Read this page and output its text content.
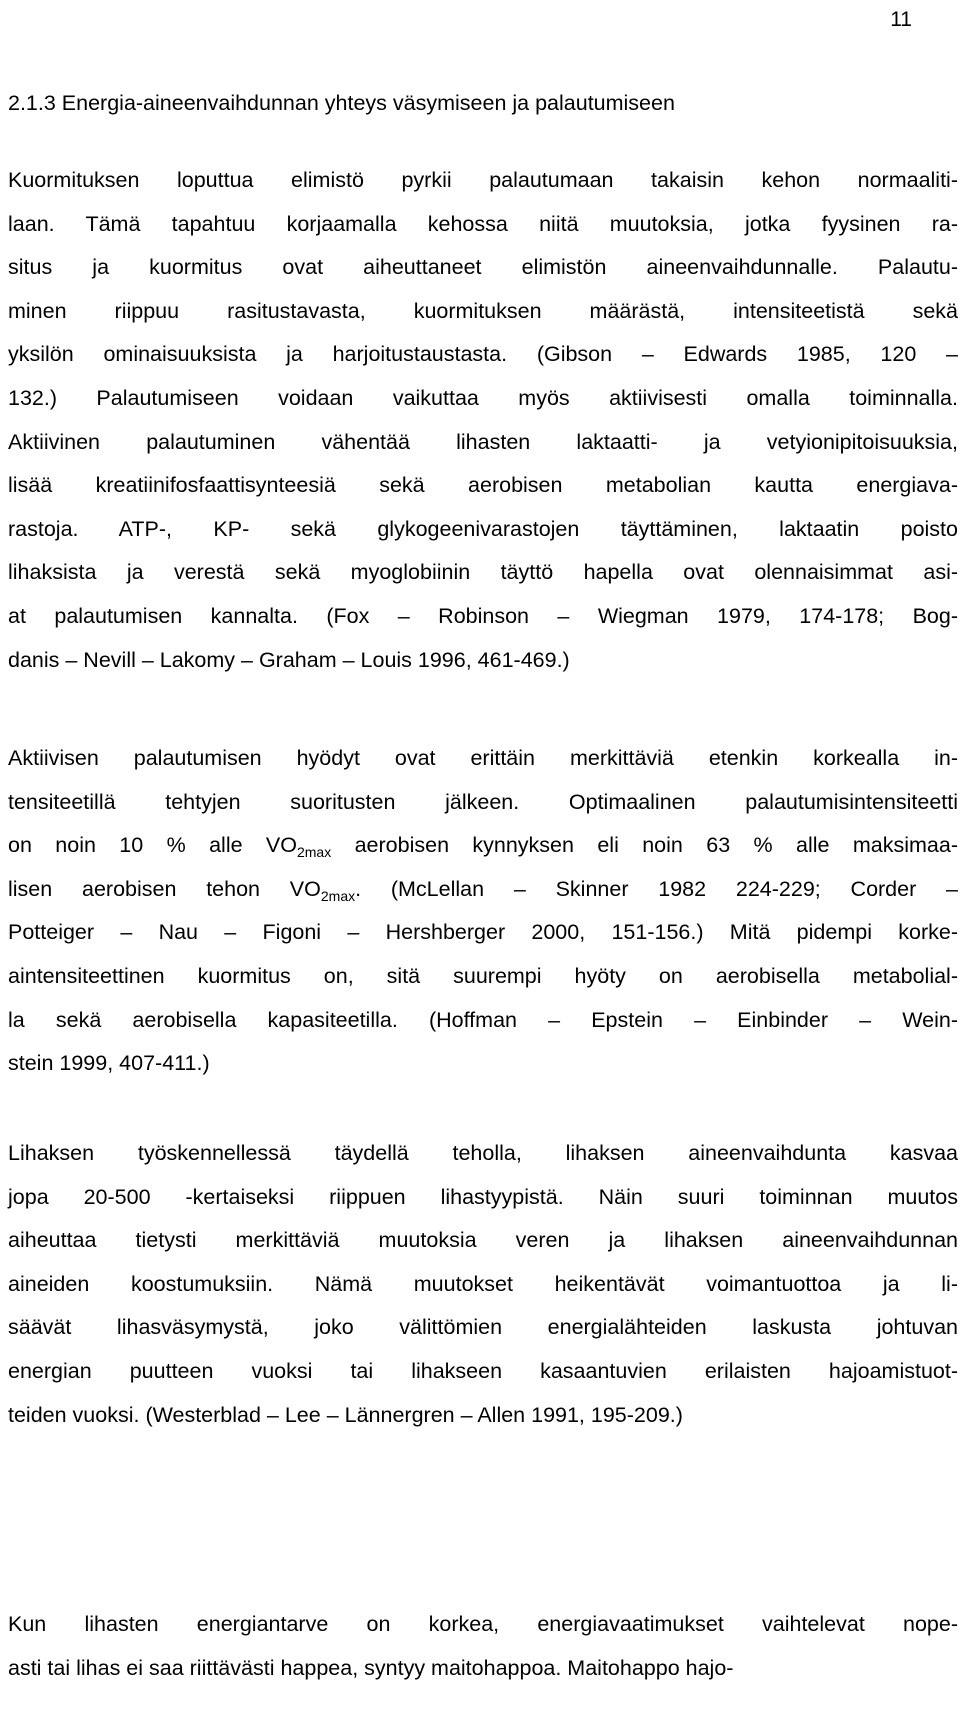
11
2.1.3 Energia-aineenvaihdunnan yhteys väsymiseen ja palautumiseen
Kuormituksen loputtua elimistö pyrkii palautumaan takaisin kehon normaaliti-
laan. Tämä tapahtuu korjaamalla kehossa niitä muutoksia, jotka fyysinen ra-
situs ja kuormitus ovat aiheuttaneet elimistön aineenvaihdunnalle. Palautu-
minen riippuu rasitustavasta, kuormituksen määrästä, intensiteetistä sekä
yksilön ominaisuuksista ja harjoitustaustasta. (Gibson – Edwards 1985, 120 –
132.) Palautumiseen voidaan vaikuttaa myös aktiivisesti omalla toiminnalla.
Aktiivinen palautuminen vähentää lihasten laktaatti- ja vetyionipitoisuuksia,
lisää kreatiinifosfaattisynteesiä sekä aerobisen metabolian kautta energiava-
rastoja. ATP-, KP- sekä glykogeenivarastojen täyttäminen, laktaatin poisto
lihaksista ja verestä sekä myoglobiinin täyttö hapella ovat olennaisimmat asi-
at palautumisen kannalta. (Fox – Robinson – Wiegman 1979, 174-178; Bog-
danis – Nevill – Lakomy – Graham – Louis 1996, 461-469.)
Aktiivisen palautumisen hyödyt ovat erittäin merkittäviä etenkin korkealla in-
tensiteetillä tehtyjen suoritusten jälkeen. Optimaalinen palautumisintensiteetti
on noin 10 % alle $VO_{2max}$ aerobisen kynnyksen eli noin 63 % alle maksimaa-
lisen aerobisen tehon $VO_{2max}$. (McLellan – Skinner 1982 224-229; Corder –
Potteiger – Nau – Figoni – Hershberger 2000, 151-156.) Mitä pidempi korke-
aintensiteettinen kuormitus on, sitä suurempi hyöty on aerobisella metabolial-
la sekä aerobisella kapasiteetilla. (Hoffman – Epstein – Einbinder – Wein-
stein 1999, 407-411.)
Lihaksen työskennellessä täydellä teholla, lihaksen aineenvaihdunta kasvaa
jopa 20-500 -kertaiseksi riippuen lihastyypistä. Näin suuri toiminnan muutos
aiheuttaa tietysti merkittäviä muutoksia veren ja lihaksen aineenvaihdunnan
aineiden koostumuksiin. Nämä muutokset heikentävät voimantuottoa ja li-
säävät lihasväsymystä, joko välittömien energialähteiden laskusta johtuvan
energian puutteen vuoksi tai lihakseen kasaantuvien erilaisten hajoamistuot-
teiden vuoksi. (Westerblad – Lee – Lännergren – Allen 1991, 195-209.)
Kun lihasten energiantarve on korkea, energiavaatimukset vaihtelevat nope-
asti tai lihas ei saa riittävästi happea, syntyy maitohappoa. Maitohappo hajo-
